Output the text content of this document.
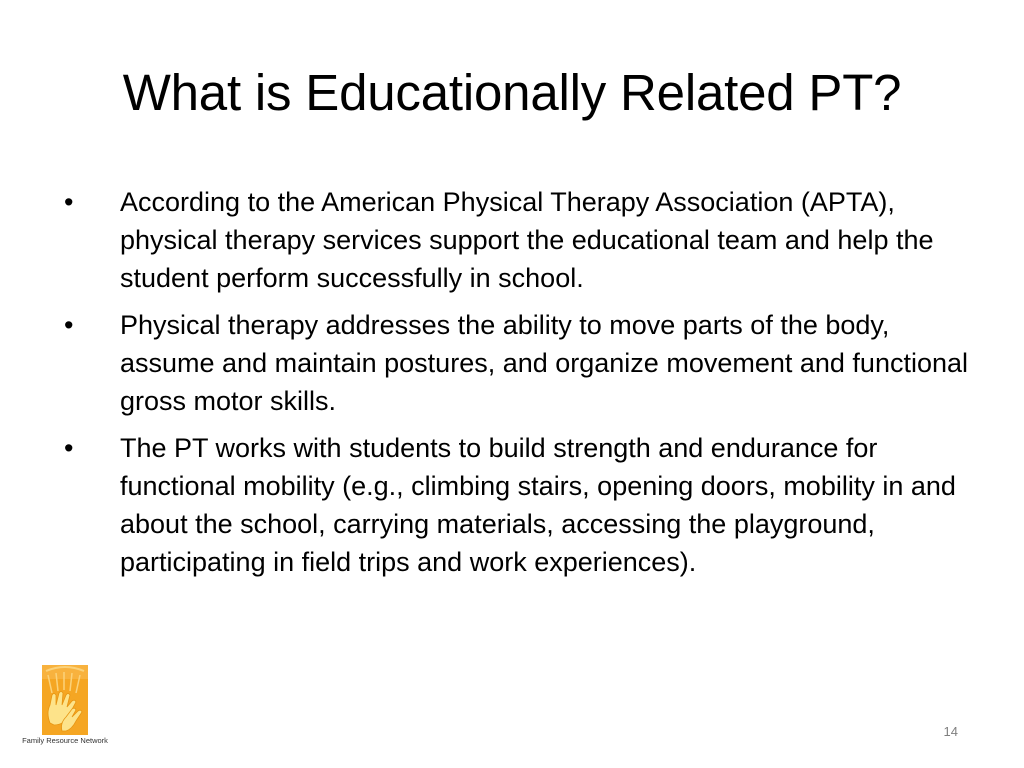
What is Educationally Related PT?
• According to the American Physical Therapy Association (APTA), physical therapy services support the educational team and help the student perform successfully in school.
• Physical therapy addresses the ability to move parts of the body, assume and maintain postures, and organize movement and functional gross motor skills.
• The PT works with students to build strength and endurance for functional mobility (e.g., climbing stairs, opening doors, mobility in and about the school, carrying materials, accessing the playground, participating in field trips and work experiences).
Family Resource Network
14
